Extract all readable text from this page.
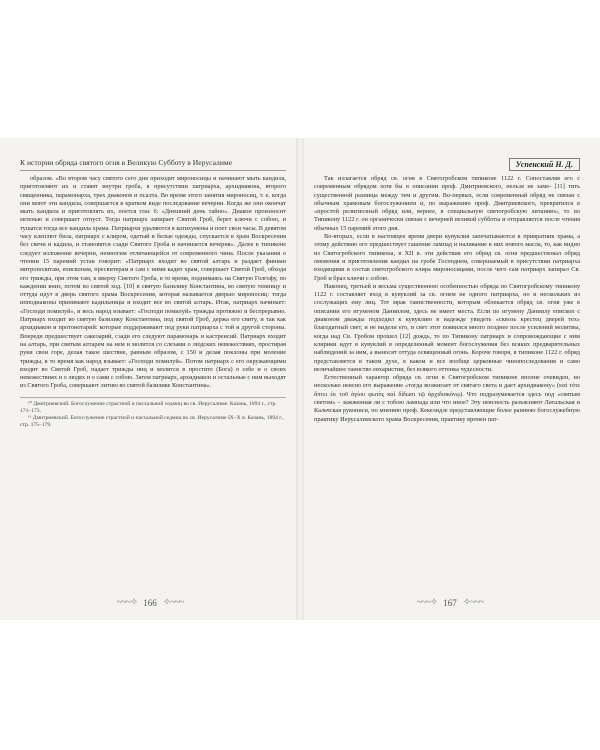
К истории обряда святого огня в Великую Субботу в Иерусалиме

образом. «Во втором часу святого сего дня приходят мироносицы и начинают мыть кандила, приготовляют их и ставят внутри гроба, в присутствии патриарха, архидиакона, второго священника, парамонарха, трех диаконов и псалта. Во время этого занятия мироносиц, т. е. когда они моют эти кандила, совершается в кратком виде последование вечерни. Когда же они окончат мыть кандила и приготовлять их, поется глас 6: «Днешний день тайно». Диакон произносит ектенью и совершает отпуст. Тогда патриарх запирает Святой Гроб, берет ключи с собою, и тушатся тогда все кандила храма. Патриархи удаляются в катихумены и поет свои часы. В девятом часу клеплют била, патриарх с клиром, одетый в белые одежды, спускается в храм Воскресения без свечи и кадила, и становятся сзади Святого Гроба и начинается вечерня». Далее в типиконе следует изложение вечерни, немногим отличающейся от современного чина. После указания о чтении 15 паремий устав говорит: «Патриарх входит во святой алтарь и раздает финиан митрополитам, епископам, пресвитерам и сам с ними кадит храм, совершает Святой Гроб, обходя его трижды, при этом там, к вверху Святого Гроба, в то время, поднимаясь на Святую Голгофу, по каждении вниз, потом во святой ход. [10] в святую базилику Константина, во святую темницу и оттуда идут в дверь святого храма Воскресения, которая называется дверью мироносиц: тогда ипподиаконы принимают кадильницы и входит все во святой алтарь. Итак, патриарх начинает: «Господи помилуй», и весь народ взывает: «Господи помилуй» трижды протяжно и беспрерывно. Патриарх входит во святую базилику Константина, под святой Гроб, держа его свиту, и так как архидиакон и протонотарий: которые поддерживают под руки патриарха с той и другой стороны. Впереди предшествует сакеларий, сзади его следуют парамонарь и кастренсий. Патриарх входит на алтарь, при святым алтарем на нем и молится со слезами о людских невежествиях, простирая руки свои горе, делая такое шествие, равным образом, с 150 и делая поклоны при моление трижды, в то время как народ взывает: «Господи помилуй». Потом патриарх с его окружающими входит во Святой Гроб, падает трижды ниц и молится в простите (Бога) о себе и о своих невежествиях и о людях и о сами с собою. Затем патриарх, архидиакон и остальные с ним выходят из Святого Гроба, совершают литию во святой базилике Константина».

¹⁰ Дмитриевский. Богослужение страстной и пасхальной седмиц во св. Иерусалиме. Казань, 1894 г., стр. 171–173.

¹¹ Дмитриевский. Богослужение страстной и пасхальной седмиц во св. Иерусалиме IX–X в. Казань, 1894 г., стр. 175–179.

~~~✧ 166 ✧~~~
Успенский Н. Д.

Так излагается обряд св. огня в Святогробском типиконе 1122 г. Сопоставляя его с современным обрядом хотя бы в описании проф. Дмитриевского, нельзя не заме- [11] тить существенной разницы между тем и другим. Во-первых, если современный обряд не связан с обычным храмовым богослужением и, по выражению проф. Дмитриевского, превратился в «простой религиозный обряд или, вернее, в специальную святогробскую литанию», то по Типикону 1122 г. он органически связан с вечерней великой субботы и отправляется после чтения обычных 15 паремий этого дня.

Во-вторых, если в настоящее время двери кувуклия запечатываются в привратник храма, а этому действию его предшествует гашение лампад и наливание в них нового масла, то, как видно из Святогробского типикона, в XII в. эти действия его обряд св. огня предшествовал обряд омовения и приготовления кандил на гробе Господнем, совершаемый в присутствии патриарха входящими в состав святогробского клира мироносицами, после чего сам патриарх запирал Св. Гроб и брал ключи с собою.

Наконец, третьей и весьма существенною особенностью обряда по Святогробскому типикону 1122 г. составляет вход в кувуклий за св. огнем не одного патриарха, но и нескольких из сослужащих ему лиц. Тот мрак таинственности, которым облекается обряд св. огня уже в описании его игуменом Даниилом, здесь не имеет места. Если по игумену Даниилу епископ с диаконом дважды подходил к кувуклию в надежде увидеть «сквозь крестец дверей тех» благодатный свет, и не видели его, и свет этот появился много позднее после усилений молитвы, когда над Св. Гробом прошел [12] дождь, то по Типикону патриарх и сопровождающие с ним клирики идут в кувуклий в определенный момент богослужения без всяких предварительных наблюдений за ним, а выносят оттуда освященный огонь. Короче говоря, в типиконе 1122 г. обряд представляется в таком духе, в каком и все вообще церковные чинопоследования и само величайшее таинство евхаристии, без всякого оттенка чудесности.

Естественный характер обряда св. огня в Святогробском типиконе вполне очевиден, но несколько неясно его выражение «тогда возжигает от святаго света и дает архидиакону» (καὶ τότε ἅπτει ἐκ τοῦ ἁγίου φωτὸς καὶ δίδωσι τῷ ἀρχιδιακόνῳ). Что подразумевается здесь под «святым светом» – зажженная ли с тобою лампада или что иное? Эту неясность разъясняют Латальская и Кальчская рукописи, по мнению проф. Кекелидзе представляющие более раннюю богослужебную практику Иерусалимского храма Воскресения, практику времен пат-

~~~✧ 167 ✧~~~
